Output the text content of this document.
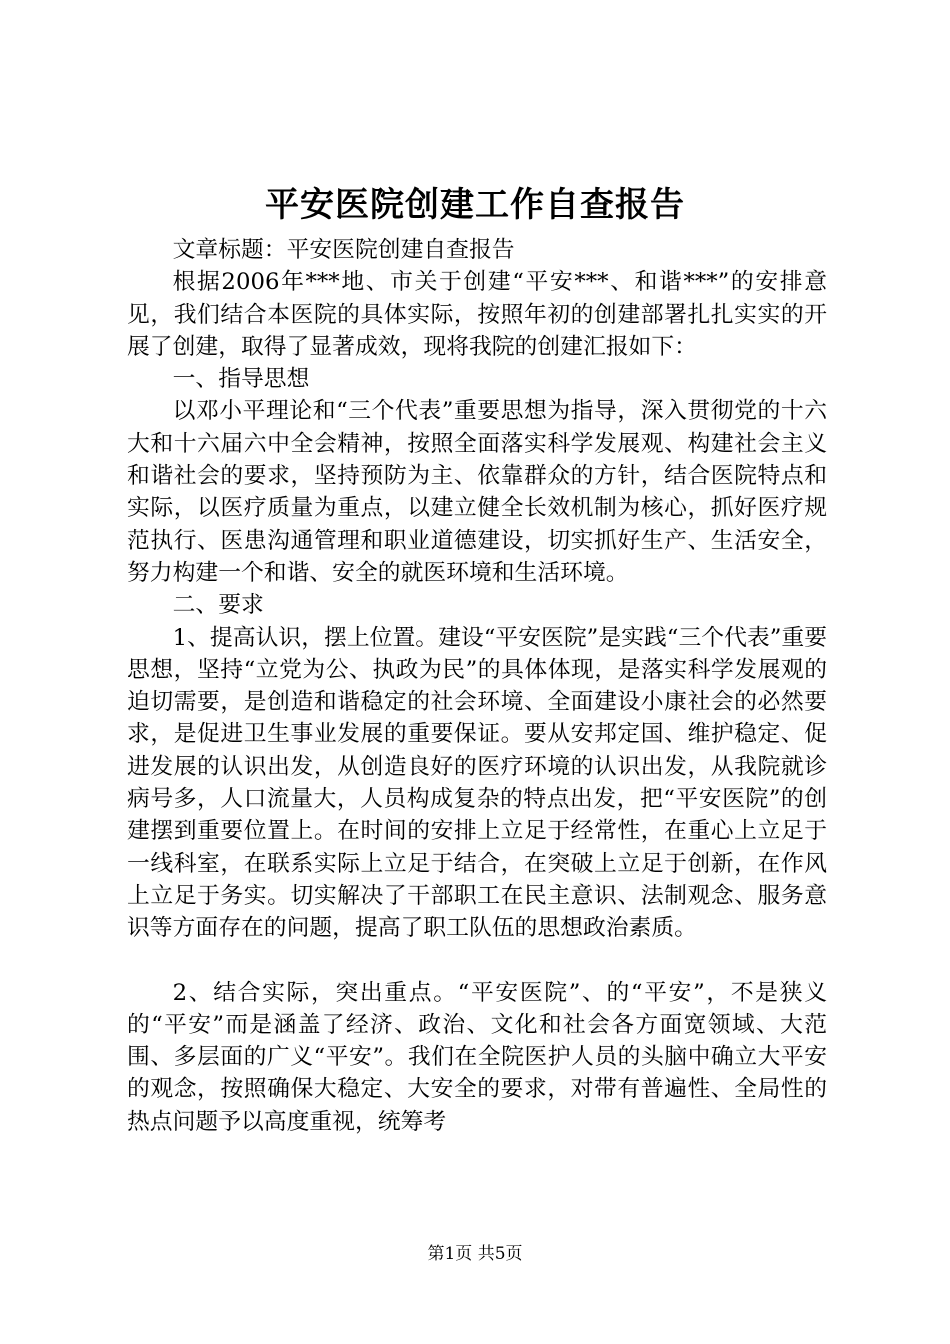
平安医院创建工作自查报告

文章标题：平安医院创建自查报告

根据2006年***地、市关于创建“平安***、和谐***”的安排意见，我们结合本医院的具体实际，按照年初的创建部署扎扎实实的开展了创建，取得了显著成效，现将我院的创建汇报如下：

一、指导思想

以邓小平理论和“三个代表”重要思想为指导，深入贯彻党的十六大和十六届六中全会精神，按照全面落实科学发展观、构建社会主义和谐社会的要求，坚持预防为主、依靠群众的方针，结合医院特点和实际，以医疗质量为重点，以建立健全长效机制为核心，抓好医疗规范执行、医患沟通管理和职业道德建设，切实抓好生产、生活安全，努力构建一个和谐、安全的就医环境和生活环境。

二、要求

1、提高认识，摆上位置。建设“平安医院”是实践“三个代表”重要思想，坚持“立党为公、执政为民”的具体体现，是落实科学发展观的迫切需要，是创造和谐稳定的社会环境、全面建设小康社会的必然要求，是促进卫生事业发展的重要保证。要从安邦定国、维护稳定、促进发展的认识出发，从创造良好的医疗环境的认识出发，从我院就诊病号多，人口流量大，人员构成复杂的特点出发，把“平安医院”的创建摆到重要位置上。在时间的安排上立足于经常性，在重心上立足于一线科室，在联系实际上立足于结合，在突破上立足于创新，在作风上立足于务实。切实解决了干部职工在民主意识、法制观念、服务意识等方面存在的问题，提高了职工队伍的思想政治素质。

2、结合实际，突出重点。“平安医院”、的“平安”，不是狭义的“平安”而是涵盖了经济、政治、文化和社会各方面宽领域、大范围、多层面的广义“平安”。我们在全院医护人员的头脑中确立大平安的观念，按照确保大稳定、大安全的要求，对带有普遍性、全局性的热点问题予以高度重视，统筹考

第1页 共5页
